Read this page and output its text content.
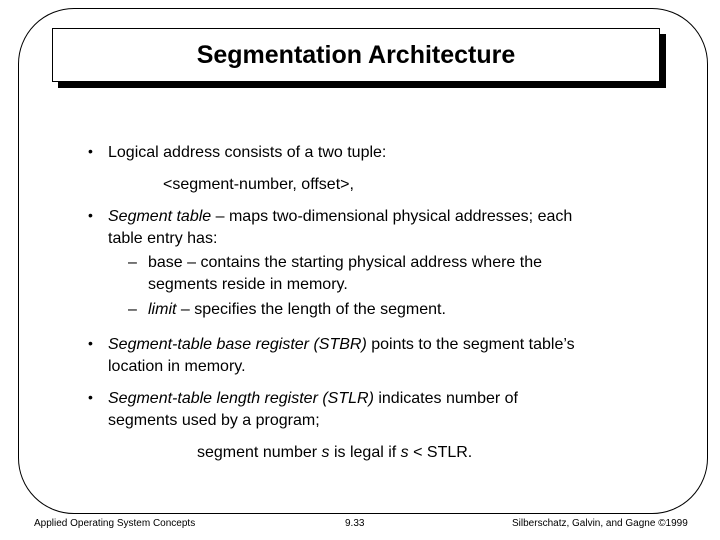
Segmentation Architecture
• Logical address consists of a two tuple:
<segment-number, offset>,
• Segment table – maps two-dimensional physical addresses; each
table entry has:
– base – contains the starting physical address where the
segments reside in memory.
– limit – specifies the length of the segment.
• Segment-table base register (STBR) points to the segment table’s
location in memory.
• Segment-table length register (STLR) indicates number of
segments used by a program;
segment number s is legal if s < STLR.
Applied Operating System Concepts	9.33	Silberschatz, Galvin, and Gagne ©1999
